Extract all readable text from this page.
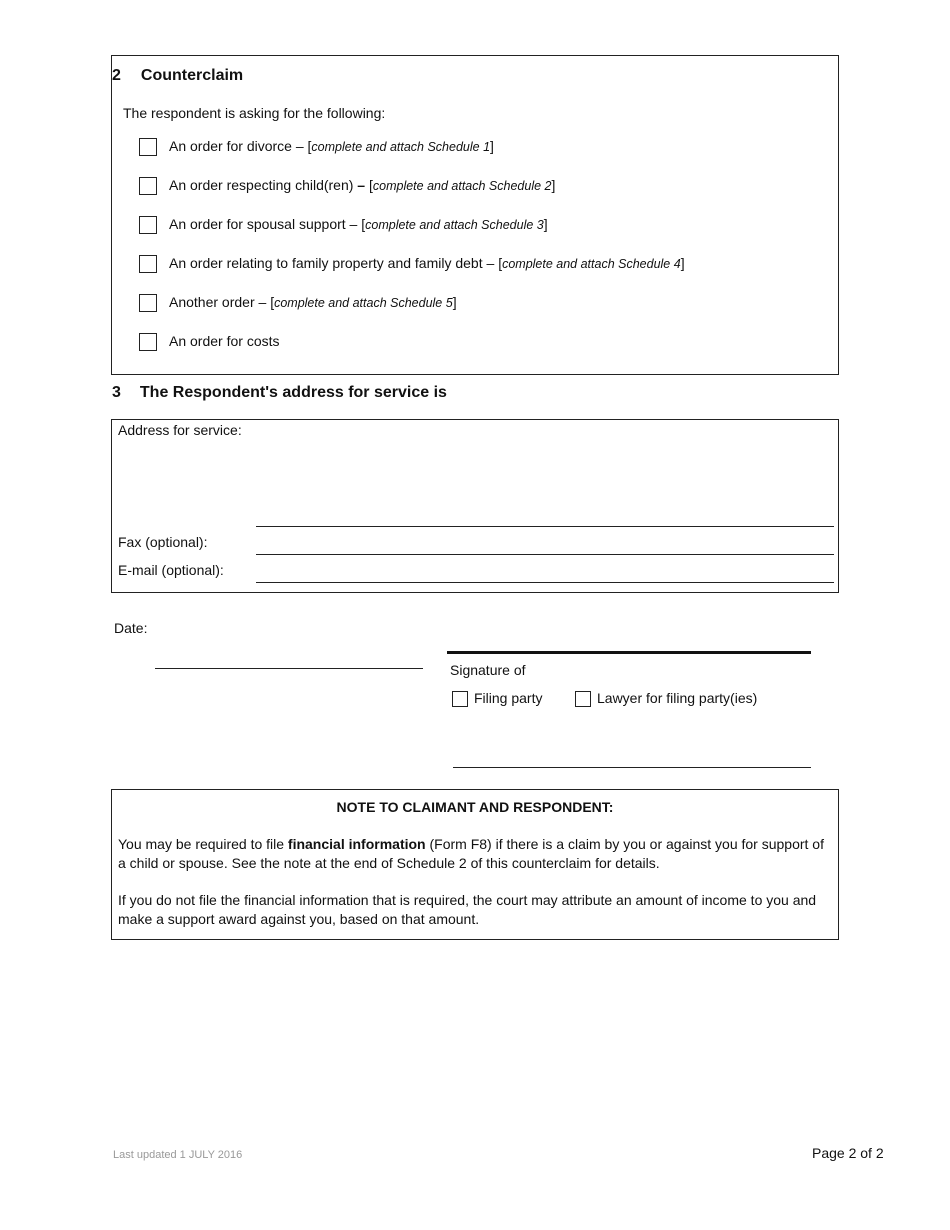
2 Counterclaim
The respondent is asking for the following:
An order for divorce – [complete and attach Schedule 1]
An order respecting child(ren) – [complete and attach Schedule 2]
An order for spousal support – [complete and attach Schedule 3]
An order relating to family property and family debt – [complete and attach Schedule 4]
Another order – [complete and attach Schedule 5]
An order for costs
3 The Respondent's address for service is
Address for service:
Fax (optional):
E-mail (optional):
Date:
Signature of
Filing party	Lawyer for filing party(ies)
NOTE TO CLAIMANT AND RESPONDENT:
You may be required to file financial information (Form F8) if there is a claim by you or against you for support of a child or spouse. See the note at the end of Schedule 2 of this counterclaim for details.
If you do not file the financial information that is required, the court may attribute an amount of income to you and make a support award against you, based on that amount.
Last updated 1 JULY 2016	Page 2 of 2
